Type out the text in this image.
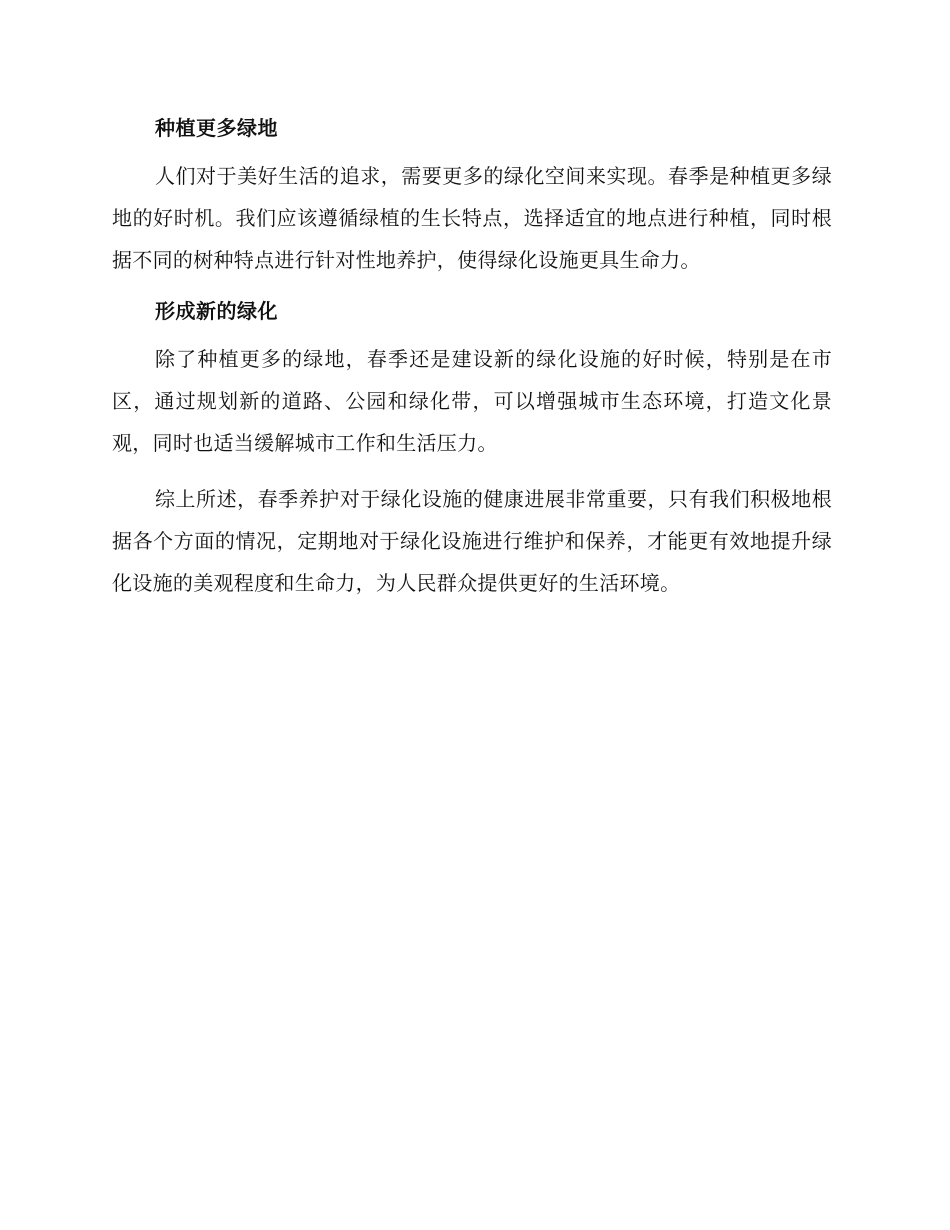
种植更多绿地

人们对于美好生活的追求，需要更多的绿化空间来实现。春季是种植更多绿地的好时机。我们应该遵循绿植的生长特点，选择适宜的地点进行种植，同时根据不同的树种特点进行针对性地养护，使得绿化设施更具生命力。

形成新的绿化

除了种植更多的绿地，春季还是建设新的绿化设施的好时候，特别是在市区，通过规划新的道路、公园和绿化带，可以增强城市生态环境，打造文化景观，同时也适当缓解城市工作和生活压力。

综上所述，春季养护对于绿化设施的健康进展非常重要，只有我们积极地根据各个方面的情况，定期地对于绿化设施进行维护和保养，才能更有效地提升绿化设施的美观程度和生命力，为人民群众提供更好的生活环境。
